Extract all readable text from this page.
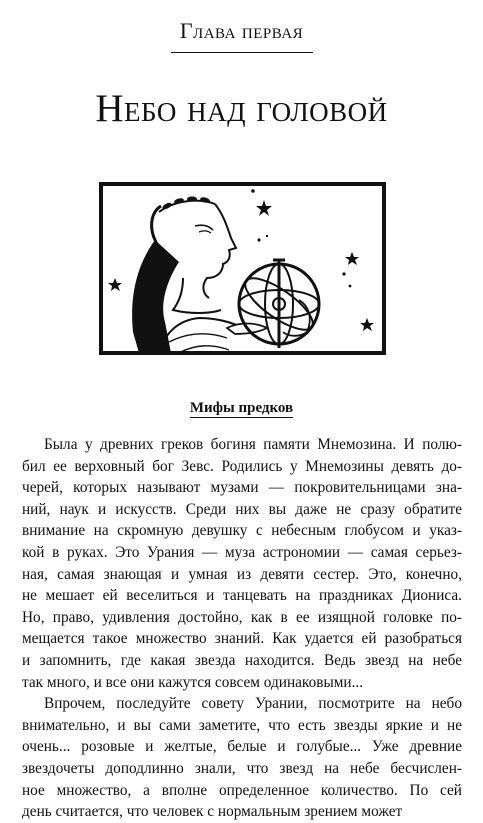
Глава первая
Небо над головой
Мифы предков

Была у древних греков богиня памяти Мнемозина. И полю-
бил ее верховный бог Зевс. Родились у Мнемозины девять до-
черей, которых называют музами — покровительницами зна-
ний, наук и искусств. Среди них вы даже не сразу обратите
внимание на скромную девушку с небесным глобусом и указ-
кой в руках. Это Урания — муза астрономии — самая серьез-
ная, самая знающая и умная из девяти сестер. Это, конечно,
не мешает ей веселиться и танцевать на праздниках Диониса.
Но, право, удивления достойно, как в ее изящной головке по-
мещается такое множество знаний. Как удается ей разобраться
и запомнить, где какая звезда находится. Ведь звезд на небе
так много, и все они кажутся совсем одинаковыми...

Впрочем, последуйте совету Урании, посмотрите на небо
внимательно, и вы сами заметите, что есть звезды яркие и не
очень... розовые и желтые, белые и голубые... Уже древние
звездочеты доподлинно знали, что звезд на небе бесчислен-
ное множество, а вполне определенное количество. По сей
день считается, что человек с нормальным зрением может
